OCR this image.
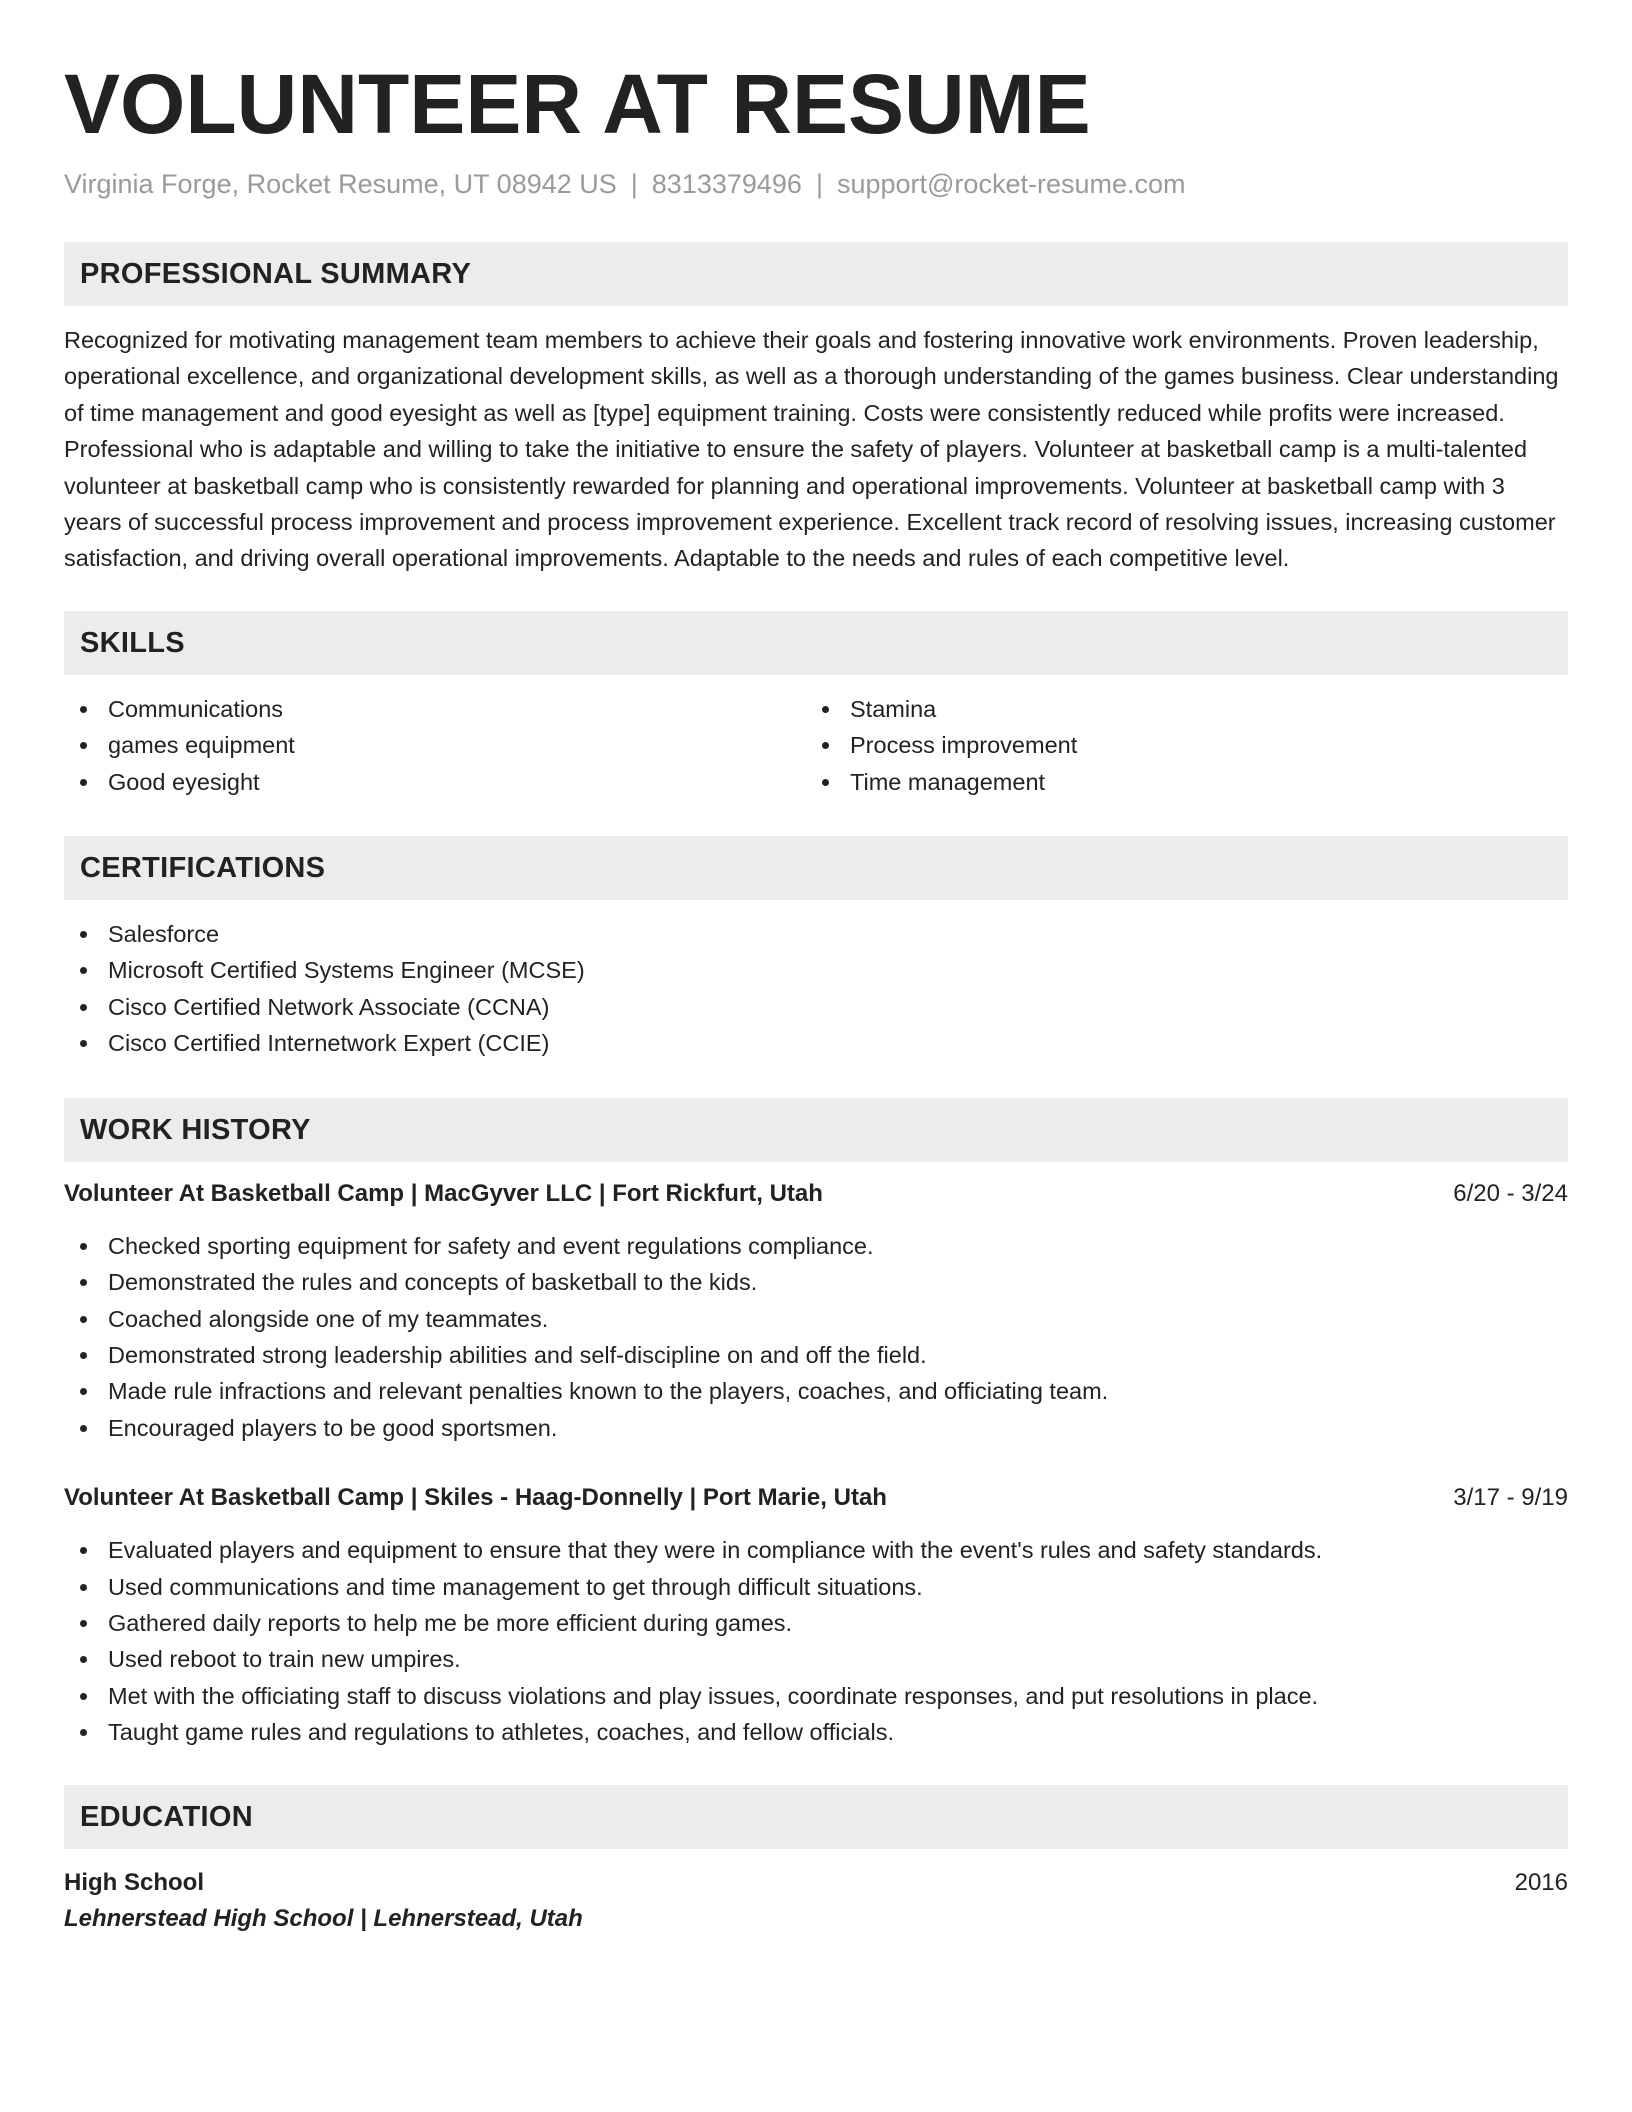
VOLUNTEER AT RESUME
Virginia Forge, Rocket Resume, UT 08942 US | 8313379496 | support@rocket-resume.com
PROFESSIONAL SUMMARY

Recognized for motivating management team members to achieve their goals and fostering innovative work environments. Proven leadership, operational excellence, and organizational development skills, as well as a thorough understanding of the games business. Clear understanding of time management and good eyesight as well as [type] equipment training. Costs were consistently reduced while profits were increased. Professional who is adaptable and willing to take the initiative to ensure the safety of players. Volunteer at basketball camp is a multi-talented volunteer at basketball camp who is consistently rewarded for planning and operational improvements. Volunteer at basketball camp with 3 years of successful process improvement and process improvement experience. Excellent track record of resolving issues, increasing customer satisfaction, and driving overall operational improvements. Adaptable to the needs and rules of each competitive level.

SKILLS
Communications
games equipment
Good eyesight
Stamina
Process improvement
Time management
CERTIFICATIONS
Salesforce
Microsoft Certified Systems Engineer (MCSE)
Cisco Certified Network Associate (CCNA)
Cisco Certified Internetwork Expert (CCIE)
WORK HISTORY
Volunteer At Basketball Camp | MacGyver LLC | Fort Rickfurt, Utah	6/20 - 3/24
Checked sporting equipment for safety and event regulations compliance.
Demonstrated the rules and concepts of basketball to the kids.
Coached alongside one of my teammates.
Demonstrated strong leadership abilities and self-discipline on and off the field.
Made rule infractions and relevant penalties known to the players, coaches, and officiating team.
Encouraged players to be good sportsmen.
Volunteer At Basketball Camp | Skiles - Haag-Donnelly | Port Marie, Utah	3/17 - 9/19
Evaluated players and equipment to ensure that they were in compliance with the event's rules and safety standards.
Used communications and time management to get through difficult situations.
Gathered daily reports to help me be more efficient during games.
Used reboot to train new umpires.
Met with the officiating staff to discuss violations and play issues, coordinate responses, and put resolutions in place.
Taught game rules and regulations to athletes, coaches, and fellow officials.
EDUCATION
High School	2016
Lehnerstead High School | Lehnerstead, Utah
